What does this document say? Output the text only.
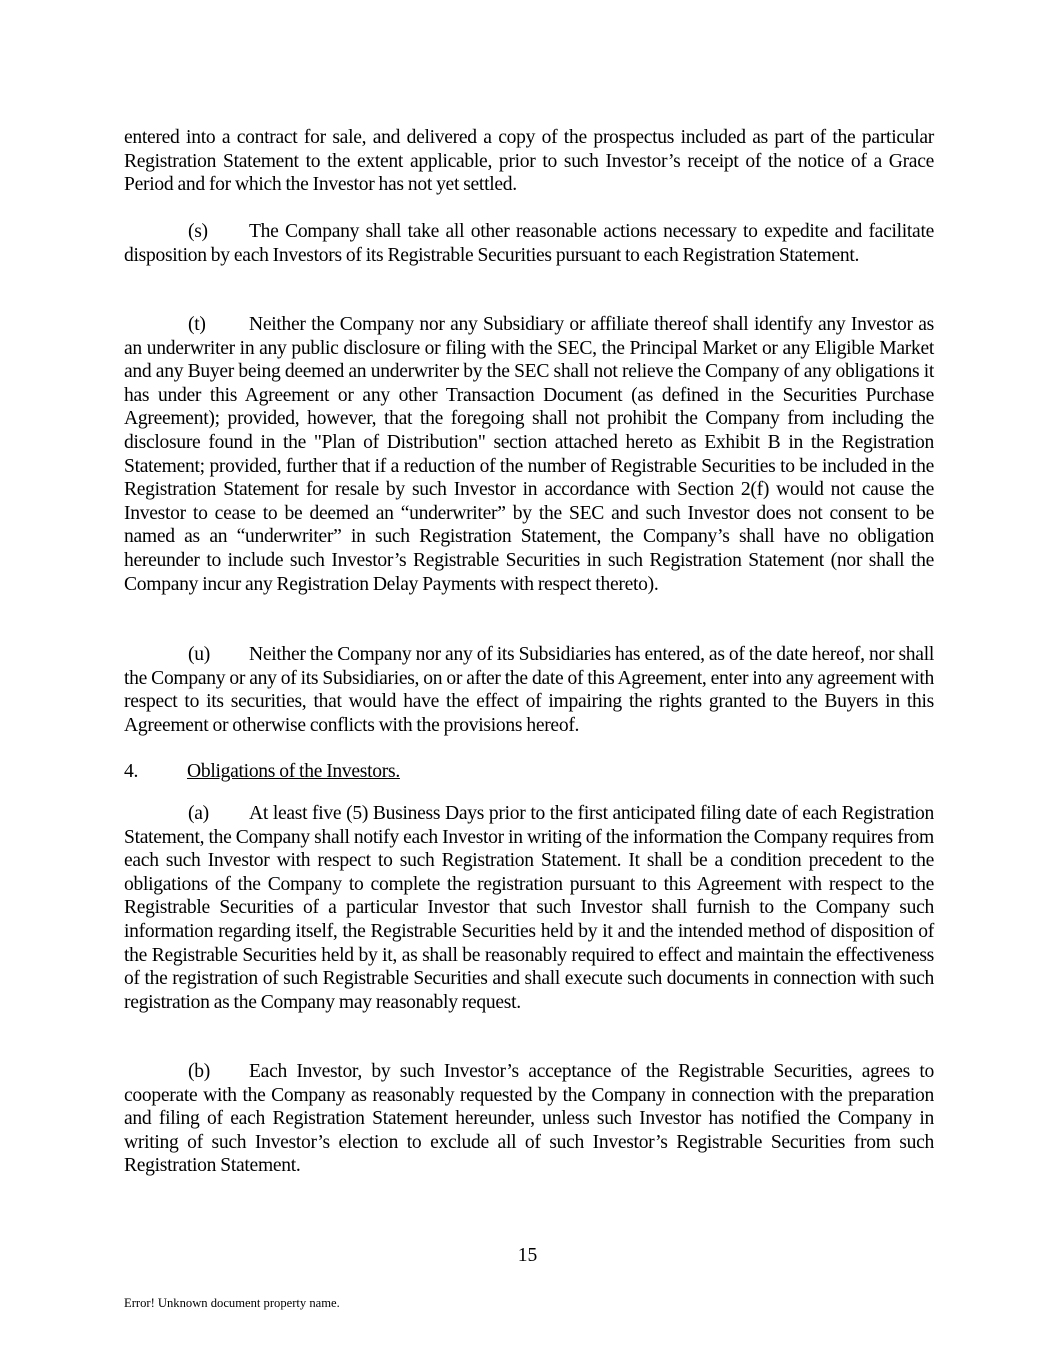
entered into a contract for sale, and delivered a copy of the prospectus included as part of the particular Registration Statement to the extent applicable, prior to such Investor’s receipt of the notice of a Grace Period and for which the Investor has not yet settled.

(s) The Company shall take all other reasonable actions necessary to expedite and facilitate disposition by each Investors of its Registrable Securities pursuant to each Registration Statement.

(t) Neither the Company nor any Subsidiary or affiliate thereof shall identify any Investor as an underwriter in any public disclosure or filing with the SEC, the Principal Market or any Eligible Market and any Buyer being deemed an underwriter by the SEC shall not relieve the Company of any obligations it has under this Agreement or any other Transaction Document (as defined in the Securities Purchase Agreement); provided, however, that the foregoing shall not prohibit the Company from including the disclosure found in the "Plan of Distribution" section attached hereto as Exhibit B in the Registration Statement; provided, further that if a reduction of the number of Registrable Securities to be included in the Registration Statement for resale by such Investor in accordance with Section 2(f) would not cause the Investor to cease to be deemed an “underwriter” by the SEC and such Investor does not consent to be named as an “underwriter” in such Registration Statement, the Company’s shall have no obligation hereunder to include such Investor’s Registrable Securities in such Registration Statement (nor shall the Company incur any Registration Delay Payments with respect thereto).

(u) Neither the Company nor any of its Subsidiaries has entered, as of the date hereof, nor shall the Company or any of its Subsidiaries, on or after the date of this Agreement, enter into any agreement with respect to its securities, that would have the effect of impairing the rights granted to the Buyers in this Agreement or otherwise conflicts with the provisions hereof.

4. Obligations of the Investors.

(a) At least five (5) Business Days prior to the first anticipated filing date of each Registration Statement, the Company shall notify each Investor in writing of the information the Company requires from each such Investor with respect to such Registration Statement. It shall be a condition precedent to the obligations of the Company to complete the registration pursuant to this Agreement with respect to the Registrable Securities of a particular Investor that such Investor shall furnish to the Company such information regarding itself, the Registrable Securities held by it and the intended method of disposition of the Registrable Securities held by it, as shall be reasonably required to effect and maintain the effectiveness of the registration of such Registrable Securities and shall execute such documents in connection with such registration as the Company may reasonably request.

(b) Each Investor, by such Investor’s acceptance of the Registrable Securities, agrees to cooperate with the Company as reasonably requested by the Company in connection with the preparation and filing of each Registration Statement hereunder, unless such Investor has notified the Company in writing of such Investor’s election to exclude all of such Investor’s Registrable Securities from such Registration Statement.

15
Error! Unknown document property name.
